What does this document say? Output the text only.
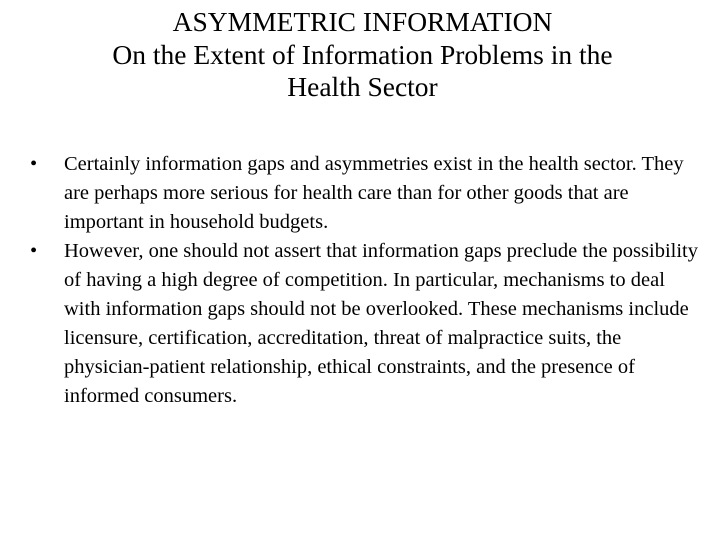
ASYMMETRIC INFORMATION
On the Extent of Information Problems in the
Health Sector
•	Certainly information gaps and asymmetries exist in the health sector. They are perhaps more serious for health care than for other goods that are important in household budgets.
•	However, one should not assert that information gaps preclude the possibility of having a high degree of competition. In particular, mechanisms to deal with information gaps should not be overlooked. These mechanisms include licensure, certification, accreditation, threat of malpractice suits, the physician-patient relationship, ethical constraints, and the presence of informed consumers.
